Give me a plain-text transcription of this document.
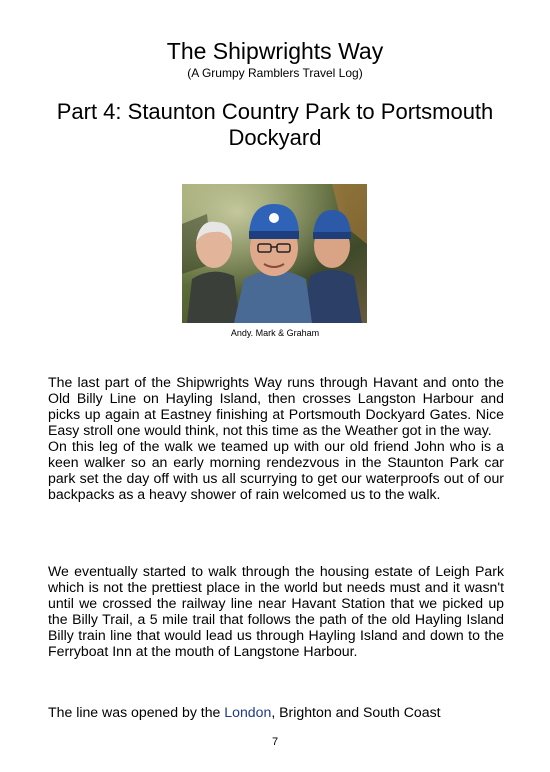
The Shipwrights Way
(A Grumpy Ramblers Travel Log)
Part 4: Staunton Country Park to Portsmouth Dockyard
Andy. Mark & Graham

The last part of the Shipwrights Way runs through Havant and onto the Old Billy Line on Hayling Island, then crosses Langston Harbour and picks up again at Eastney finishing at Portsmouth Dockyard Gates. Nice Easy stroll one would think, not this time as the Weather got in the way.

On this leg of the walk we teamed up with our old friend John who is a keen walker so an early morning rendezvous in the Staunton Park car park set the day off with us all scurrying to get our waterproofs out of our backpacks as a heavy shower of rain welcomed us to the walk.

We eventually started to walk through the housing estate of Leigh Park which is not the prettiest place in the world but needs must and it wasn't until we crossed the railway line near Havant Station that we picked up the Billy Trail, a 5 mile trail that follows the path of the old Hayling Island Billy train line that would lead us through Hayling Island and down to the Ferryboat Inn at the mouth of Langstone Harbour.

The line was opened by the London, Brighton and South Coast

7
